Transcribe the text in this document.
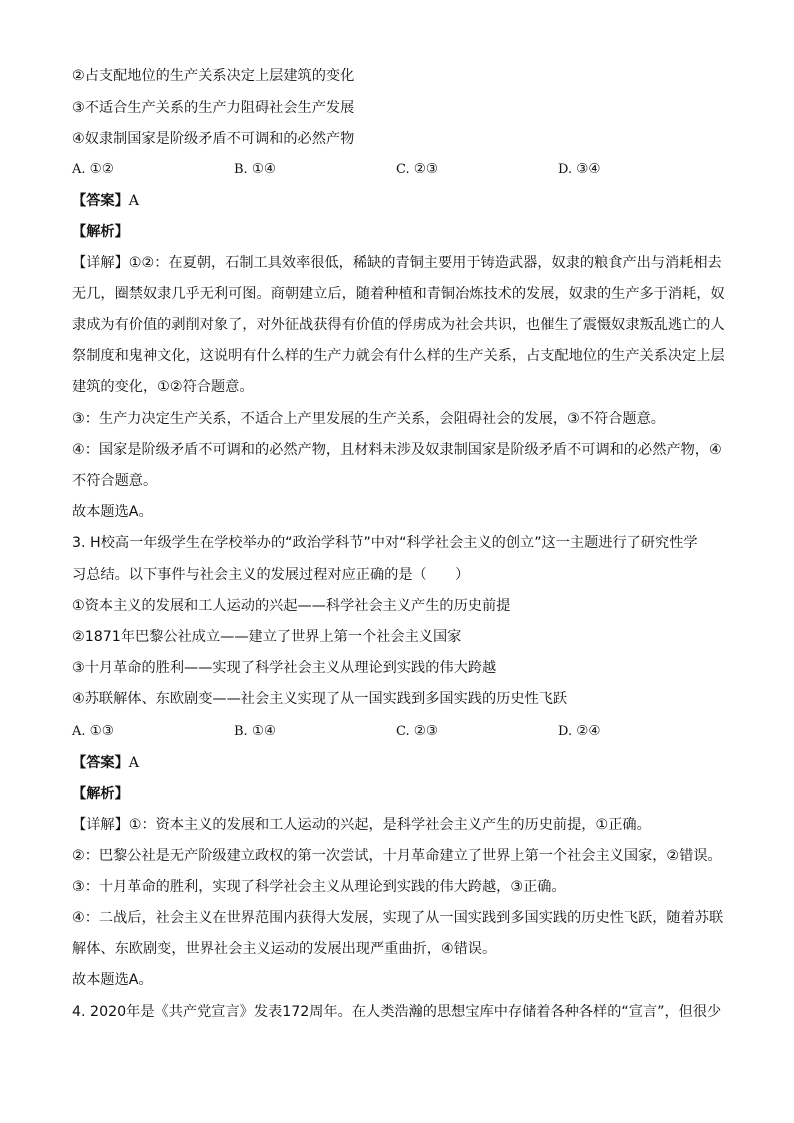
②占支配地位的生产关系决定上层建筑的变化
③不适合生产关系的生产力阻碍社会生产发展
④奴隶制国家是阶级矛盾不可调和的必然产物
A. ①②	B. ①④	C. ②③	D. ③④
【答案】A
【解析】
【详解】①②：在夏朝，石制工具效率很低，稀缺的青铜主要用于铸造武器，奴隶的粮食产出与消耗相去
无几，圈禁奴隶几乎无利可图。商朝建立后，随着种植和青铜冶炼技术的发展，奴隶的生产多于消耗，奴
隶成为有价值的剥削对象了，对外征战获得有价值的俘虏成为社会共识，也催生了震慑奴隶叛乱逃亡的人
祭制度和鬼神文化，这说明有什么样的生产力就会有什么样的生产关系，占支配地位的生产关系决定上层
建筑的变化，①②符合题意。
③：生产力决定生产关系，不适合上产里发展的生产关系，会阻碍社会的发展，③不符合题意。
④：国家是阶级矛盾不可调和的必然产物，且材料未涉及奴隶制国家是阶级矛盾不可调和的必然产物，④
不符合题意。
故本题选A。
3. H校高一年级学生在学校举办的“政治学科节”中对“科学社会主义的创立”这一主题进行了研究性学
习总结。以下事件与社会主义的发展过程对应正确的是（　　）
①资本主义的发展和工人运动的兴起——科学社会主义产生的历史前提
②1871年巴黎公社成立——建立了世界上第一个社会主义国家
③十月革命的胜利——实现了科学社会主义从理论到实践的伟大跨越
④苏联解体、东欧剧变——社会主义实现了从一国实践到多国实践的历史性飞跃
A. ①③	B. ①④	C. ②③	D. ②④
【答案】A
【解析】
【详解】①：资本主义的发展和工人运动的兴起，是科学社会主义产生的历史前提，①正确。
②：巴黎公社是无产阶级建立政权的第一次尝试，十月革命建立了世界上第一个社会主义国家，②错误。
③：十月革命的胜利，实现了科学社会主义从理论到实践的伟大跨越，③正确。
④：二战后，社会主义在世界范围内获得大发展，实现了从一国实践到多国实践的历史性飞跃，随着苏联
解体、东欧剧变，世界社会主义运动的发展出现严重曲折，④错误。
故本题选A。
4. 2020年是《共产党宣言》发表172周年。在人类浩瀚的思想宝库中存储着各种各样的“宣言”，但很少
